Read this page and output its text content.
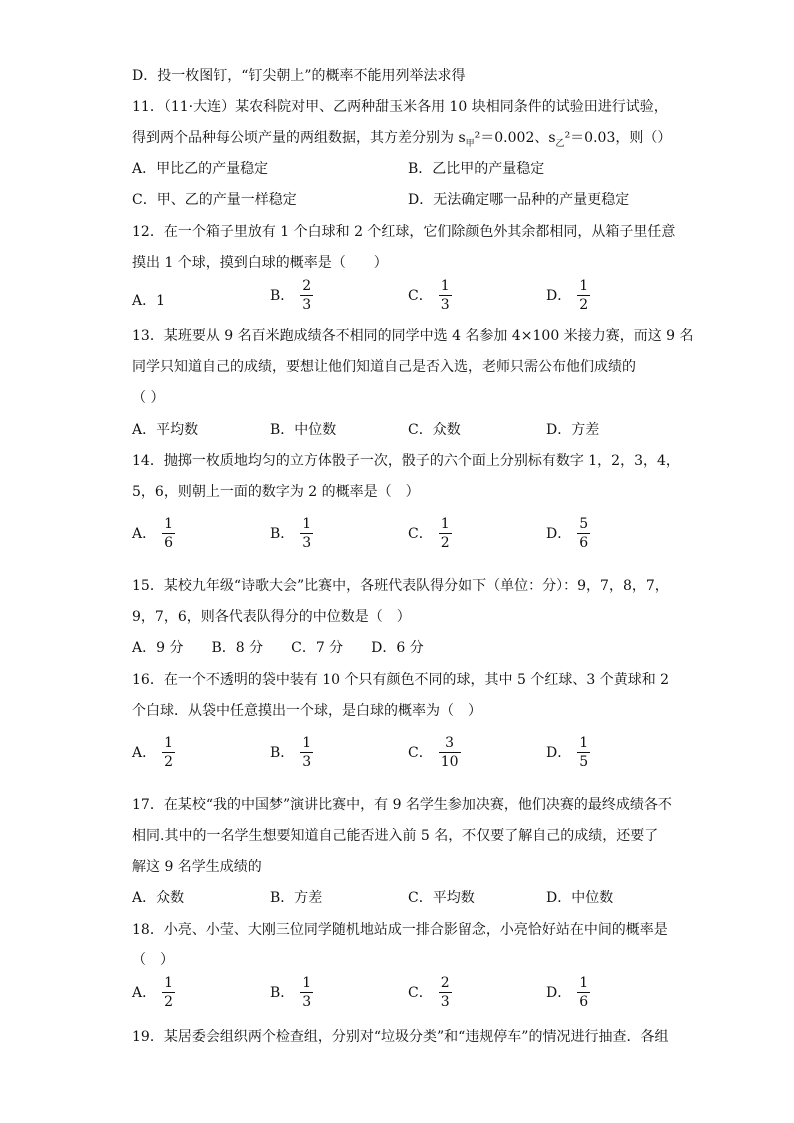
D．投一枚图钉，“钉尖朝上”的概率不能用列举法求得
11．（11·大连）某农科院对甲、乙两种甜玉米各用 10 块相同条件的试验田进行试验，
得到两个品种每公顷产量的两组数据，其方差分别为 $s_甲^2=0.002$、$s_乙^2=0.03$，则（）
A．甲比乙的产量稳定	B．乙比甲的产量稳定
C．甲、乙的产量一样稳定	D．无法确定哪一品种的产量更稳定
12．在一个箱子里放有 1 个白球和 2 个红球，它们除颜色外其余都相同，从箱子里任意
摸出 1 个球，摸到白球的概率是（　　）
A．1	B． $\frac{2}{3}$	C． $\frac{1}{3}$	D． $\frac{1}{2}$
13．某班要从 9 名百米跑成绩各不相同的同学中选 4 名参加 4×100 米接力赛，而这 9 名
同学只知道自己的成绩，要想让他们知道自己是否入选，老师只需公布他们成绩的
（ ）
A．平均数	B．中位数	C．众数	D．方差
14．抛掷一枚质地均匀的立方体骰子一次，骰子的六个面上分别标有数字 1，2，3，4，
5，6，则朝上一面的数字为 2 的概率是（　）
A． $\frac{1}{6}$	B． $\frac{1}{3}$	C． $\frac{1}{2}$	D． $\frac{5}{6}$
15．某校九年级“诗歌大会”比赛中，各班代表队得分如下（单位：分）：9，7，8，7，
9，7，6，则各代表队得分的中位数是（　）
A．9 分　　B．8 分　　C．7 分　　D．6 分
16．在一个不透明的袋中装有 10 个只有颜色不同的球，其中 5 个红球、3 个黄球和 2
个白球．从袋中任意摸出一个球，是白球的概率为（　）
A． $\frac{1}{2}$	B． $\frac{1}{3}$	C． $\frac{3}{10}$	D． $\frac{1}{5}$
17．在某校“我的中国梦”演讲比赛中，有 9 名学生参加决赛，他们决赛的最终成绩各不
相同.其中的一名学生想要知道自己能否进入前 5 名，不仅要了解自己的成绩，还要了
解这 9 名学生成绩的
A．众数	B．方差	C．平均数	D．中位数
18．小亮、小莹、大刚三位同学随机地站成一排合影留念，小亮恰好站在中间的概率是
（　）
A． $\frac{1}{2}$	B． $\frac{1}{3}$	C． $\frac{2}{3}$	D． $\frac{1}{6}$
19．某居委会组织两个检查组，分别对“垃圾分类”和“违规停车”的情况进行抽查．各组
